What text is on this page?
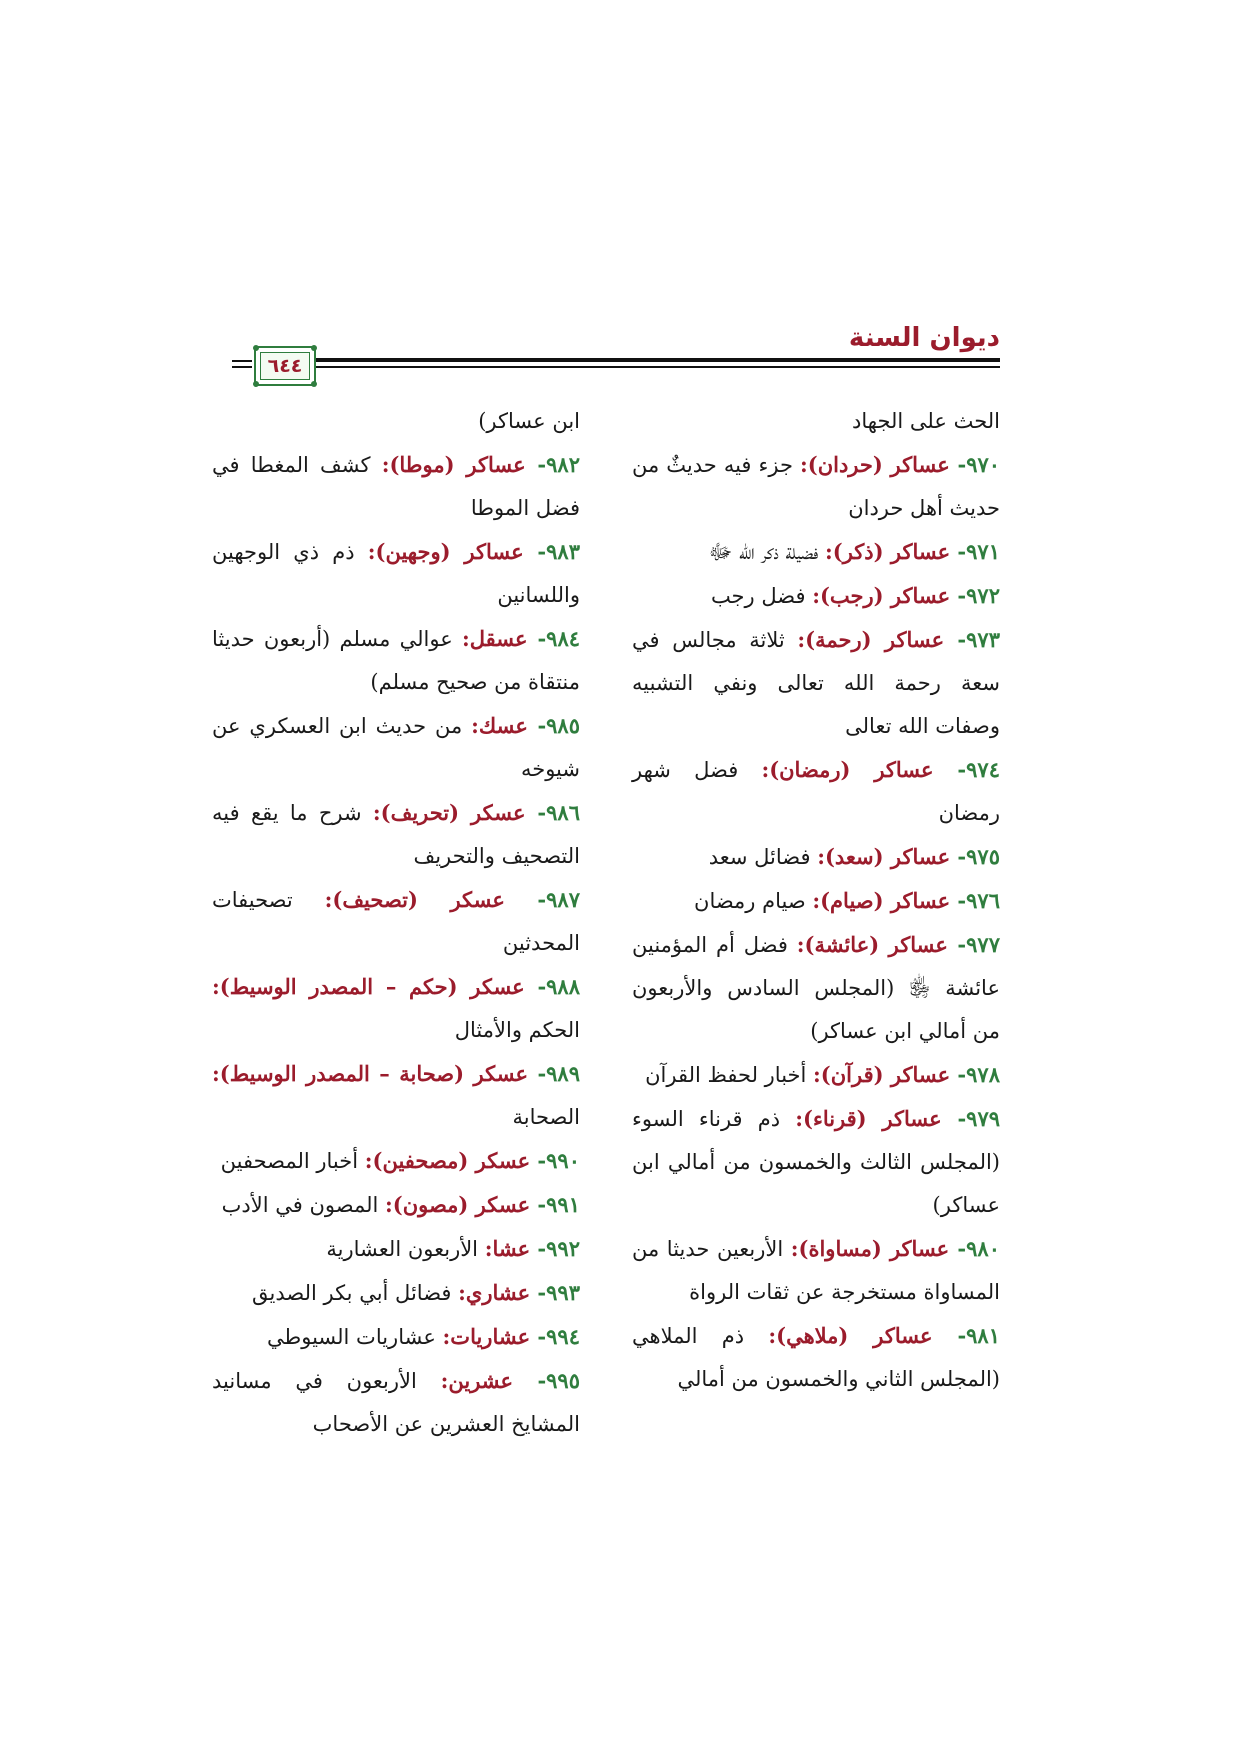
ديوان السنة
٦٤٤

الحث على الجهاد

٩٧٠- عساكر (حردان): جزء فيه حديثٌ من حديث أهل حردان

٩٧١- عساكر (ذكر): فضيلة ذكر الله ﷻ

٩٧٢- عساكر (رجب): فضل رجب

٩٧٣- عساكر (رحمة): ثلاثة مجالس في سعة رحمة الله تعالى ونفي التشبيه وصفات الله تعالى

٩٧٤- عساكر (رمضان): فضل شهر رمضان

٩٧٥- عساكر (سعد): فضائل سعد

٩٧٦- عساكر (صيام): صيام رمضان

٩٧٧- عساكر (عائشة): فضل أم المؤمنين عائشة ﵂ (المجلس السادس والأربعون من أمالي ابن عساكر)

٩٧٨- عساكر (قرآن): أخبار لحفظ القرآن

٩٧٩- عساكر (قرناء): ذم قرناء السوء (المجلس الثالث والخمسون من أمالي ابن عساكر)

٩٨٠- عساكر (مساواة): الأربعين حديثا من المساواة مستخرجة عن ثقات الرواة

٩٨١- عساكر (ملاهي): ذم الملاهي (المجلس الثاني والخمسون من أمالي

ابن عساكر)

٩٨٢- عساكر (موطا): كشف المغطا في فضل الموطا

٩٨٣- عساكر (وجهين): ذم ذي الوجهين واللسانين

٩٨٤- عسقل: عوالي مسلم (أربعون حديثا منتقاة من صحيح مسلم)

٩٨٥- عسك: من حديث ابن العسكري عن شيوخه

٩٨٦- عسكر (تحريف): شرح ما يقع فيه التصحيف والتحريف

٩٨٧- عسكر (تصحيف): تصحيفات المحدثين

٩٨٨- عسكر (حكم – المصدر الوسيط): الحكم والأمثال

٩٨٩- عسكر (صحابة – المصدر الوسيط): الصحابة

٩٩٠- عسكر (مصحفين): أخبار المصحفين

٩٩١- عسكر (مصون): المصون في الأدب

٩٩٢- عشا: الأربعون العشارية

٩٩٣- عشاري: فضائل أبي بكر الصديق

٩٩٤- عشاريات: عشاريات السيوطي

٩٩٥- عشرين: الأربعون في مسانيد المشايخ العشرين عن الأصحاب
